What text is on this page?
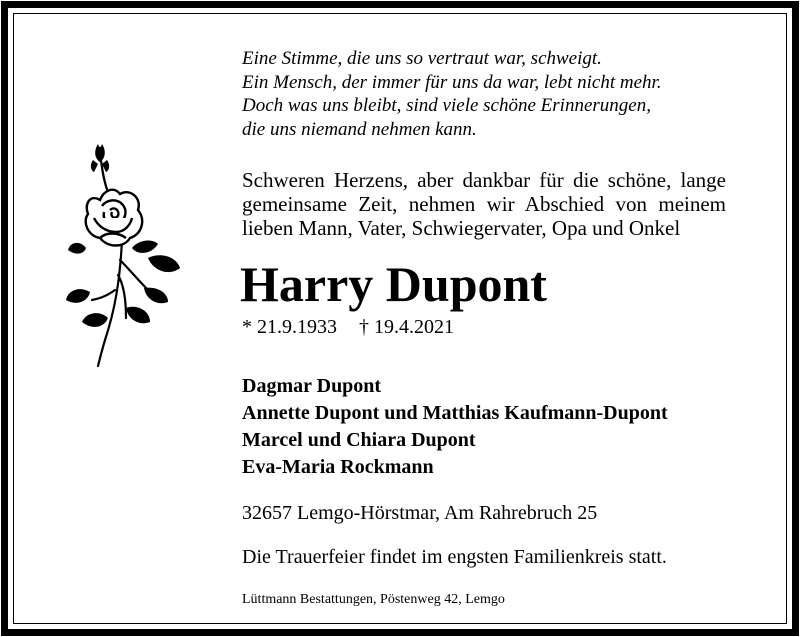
Eine Stimme, die uns so vertraut war, schweigt.
Ein Mensch, der immer für uns da war, lebt nicht mehr.
Doch was uns bleibt, sind viele schöne Erinnerungen,
die uns niemand nehmen kann.
Schweren Herzens, aber dankbar für die schöne, lange
gemeinsame Zeit, nehmen wir Abschied von meinem
lieben Mann, Vater, Schwiegervater, Opa und Onkel
Harry Dupont
* 21.9.1933 † 19.4.2021
Dagmar Dupont
Annette Dupont und Matthias Kaufmann-Dupont
Marcel und Chiara Dupont
Eva-Maria Rockmann
32657 Lemgo-Hörstmar, Am Rahrebruch 25
Die Trauerfeier findet im engsten Familienkreis statt.
Lüttmann Bestattungen, Pöstenweg 42, Lemgo
